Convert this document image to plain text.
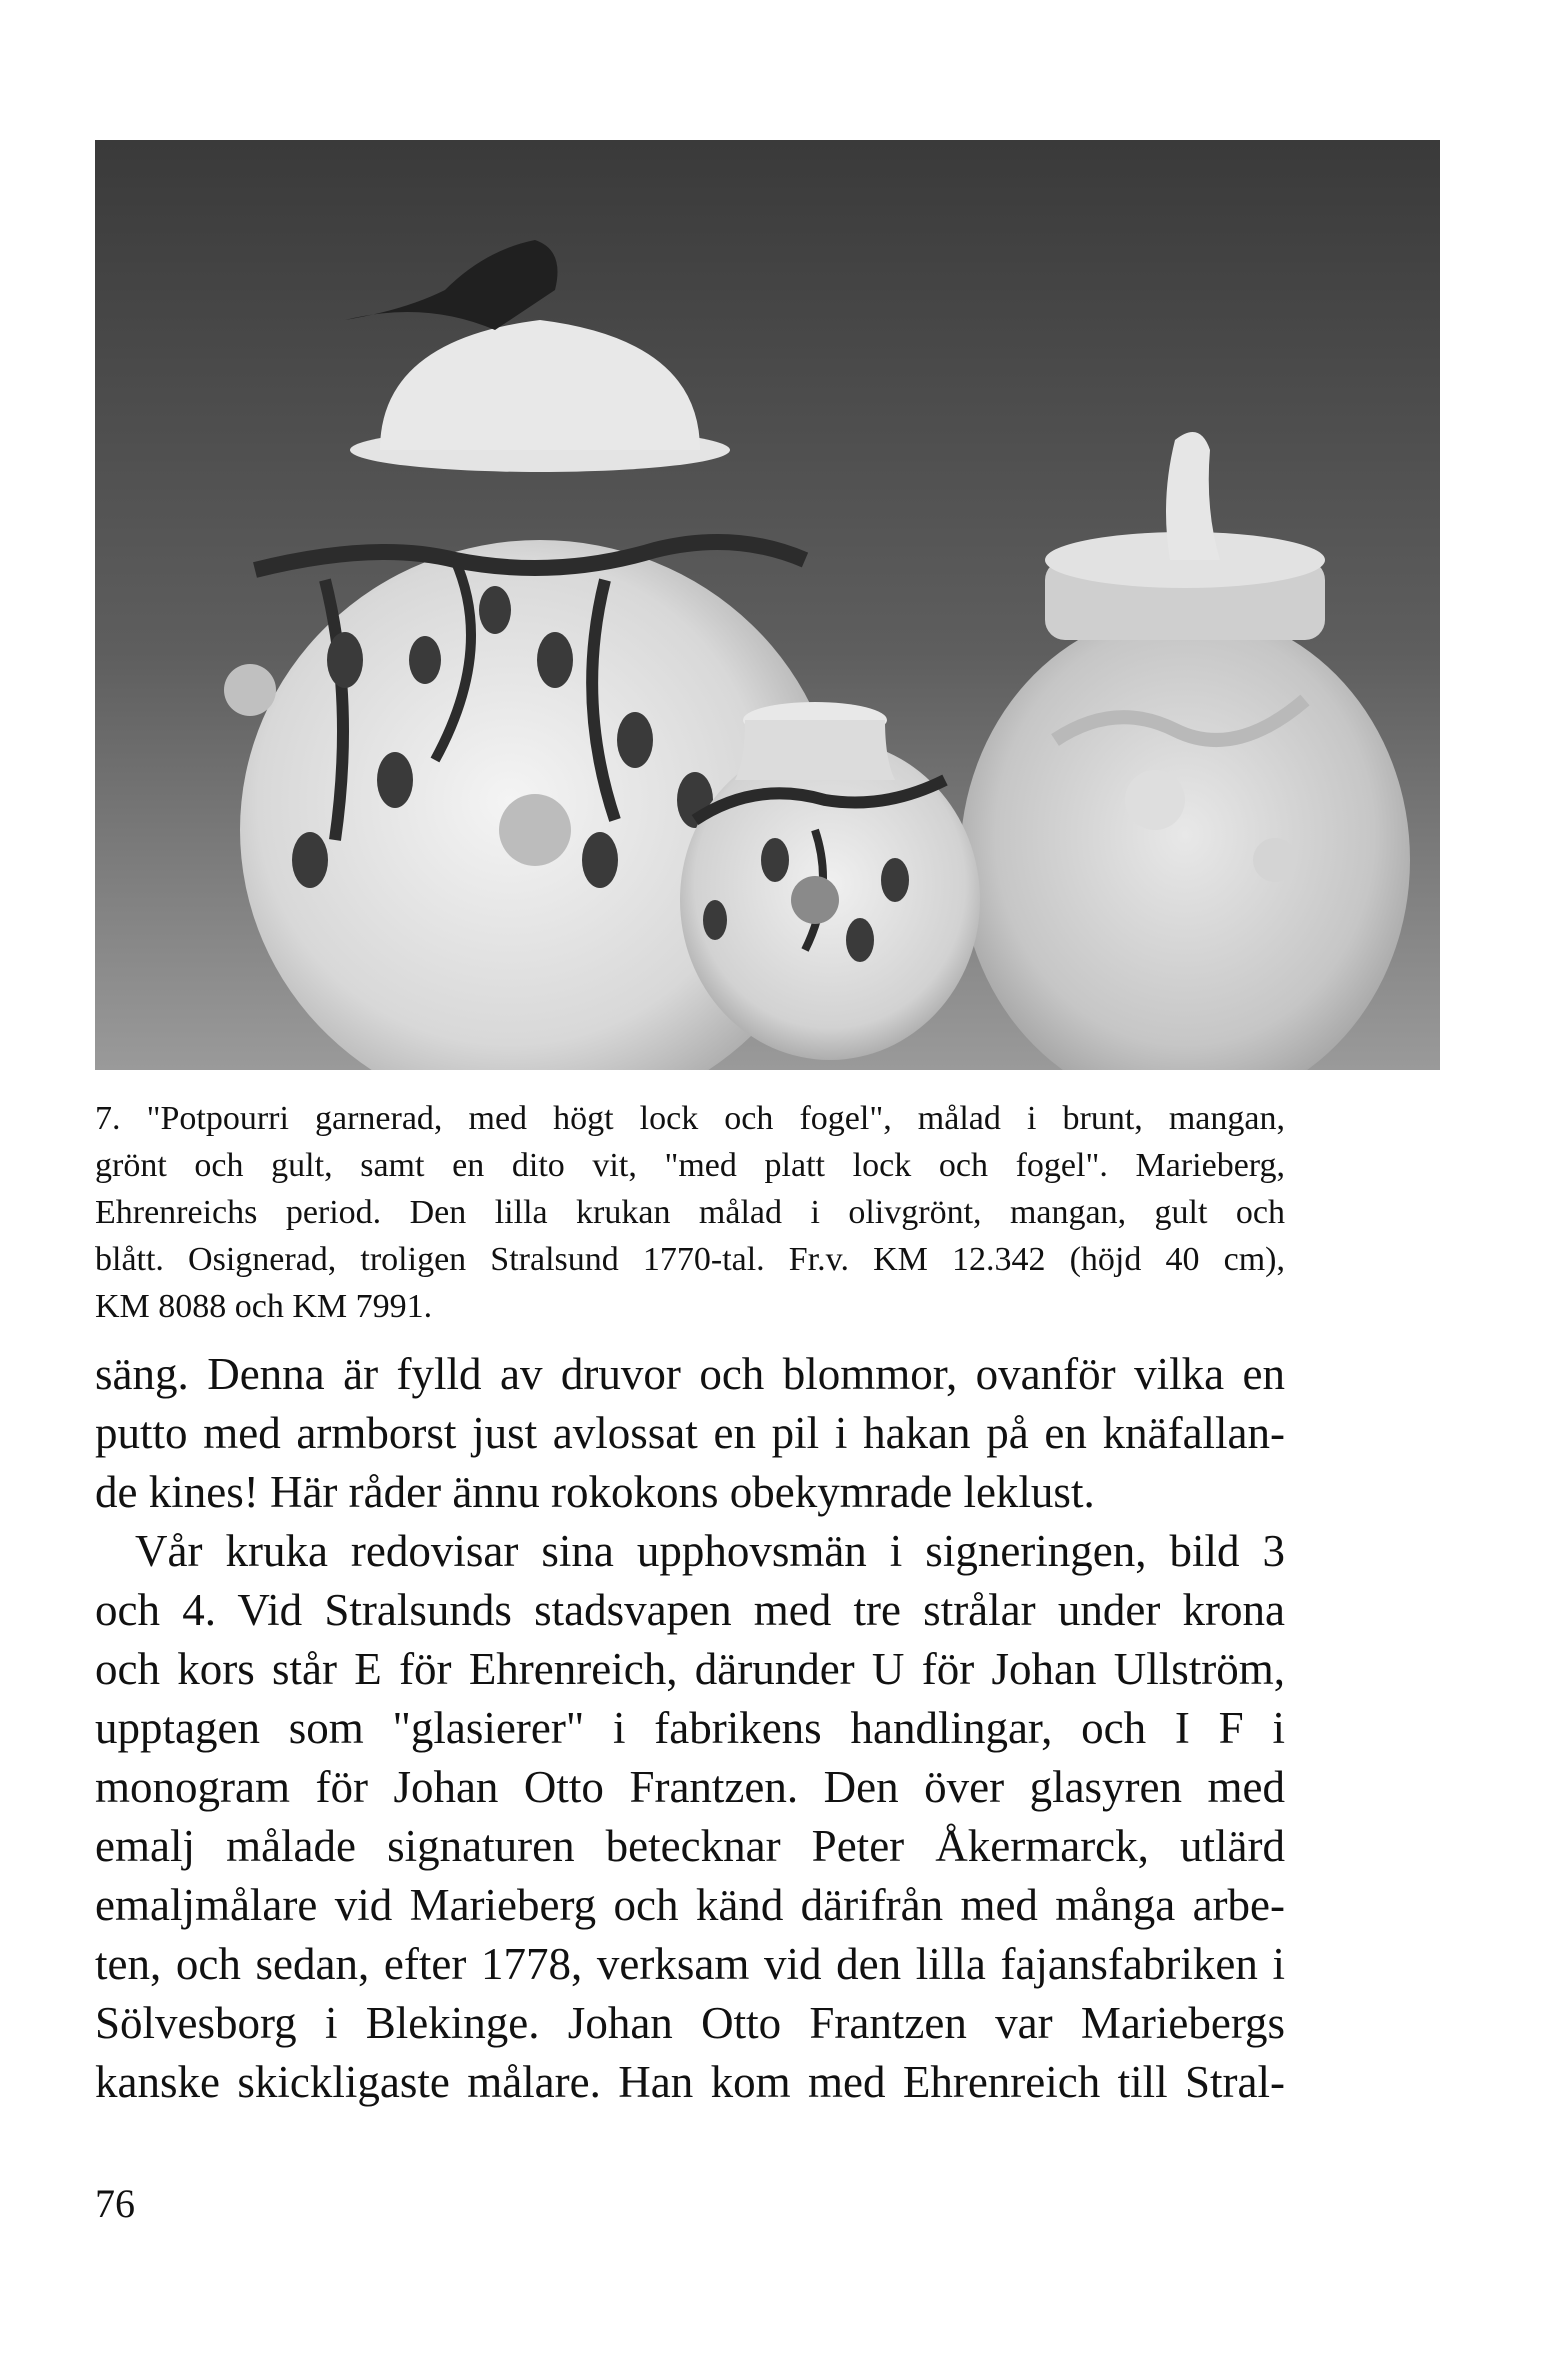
7. "Potpourri garnerad, med högt lock och fogel", målad i brunt, mangan,
grönt och gult, samt en dito vit, "med platt lock och fogel". Marieberg,
Ehrenreichs period. Den lilla krukan målad i olivgrönt, mangan, gult och
blått. Osignerad, troligen Stralsund 1770-tal. Fr.v. KM 12.342 (höjd 40 cm),
KM 8088 och KM 7991.
säng. Denna är fylld av druvor och blommor, ovanför vilka en
putto med armborst just avlossat en pil i hakan på en knäfallan-
de kines! Här råder ännu rokokons obekymrade leklust.
Vår kruka redovisar sina upphovsmän i signeringen, bild 3
och 4. Vid Stralsunds stadsvapen med tre strålar under krona
och kors står E för Ehrenreich, därunder U för Johan Ullström,
upptagen som "glasierer" i fabrikens handlingar, och I F i
monogram för Johan Otto Frantzen. Den över glasyren med
emalj målade signaturen betecknar Peter Åkermarck, utlärd
emaljmålare vid Marieberg och känd därifrån med många arbe-
ten, och sedan, efter 1778, verksam vid den lilla fajansfabriken i
Sölvesborg i Blekinge. Johan Otto Frantzen var Mariebergs
kanske skickligaste målare. Han kom med Ehrenreich till Stral-
76
